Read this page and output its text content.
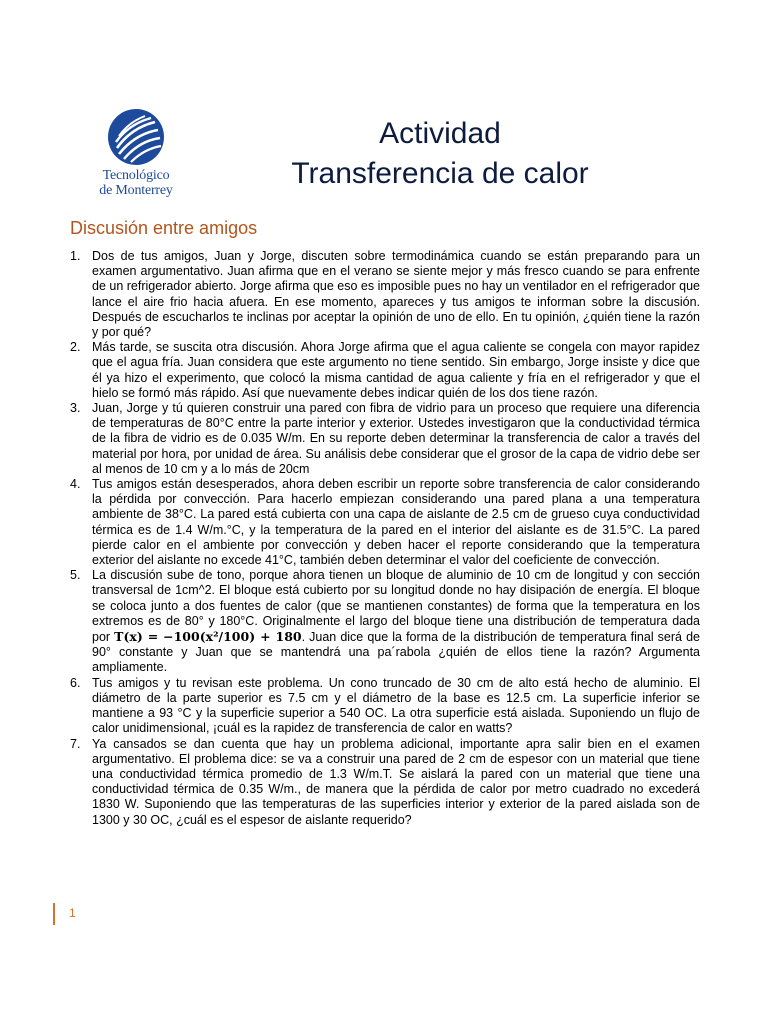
Tecnológico
de Monterrey
Actividad
Transferencia de calor
Discusión entre amigos
1. Dos de tus amigos, Juan y Jorge, discuten sobre termodinámica cuando se están preparando para un examen argumentativo. Juan afirma que en el verano se siente mejor y más fresco cuando se para enfrente de un refrigerador abierto. Jorge afirma que eso es imposible pues no hay un ventilador en el refrigerador que lance el aire frio hacia afuera. En ese momento, apareces y tus amigos te informan sobre la discusión. Después de escucharlos te inclinas por aceptar la opinión de uno de ello. En tu opinión, ¿quién tiene la razón y por qué?
2. Más tarde, se suscita otra discusión. Ahora Jorge afirma que el agua caliente se congela con mayor rapidez que el agua fría. Juan considera que este argumento no tiene sentido. Sin embargo, Jorge insiste y dice que él ya hizo el experimento, que colocó la misma cantidad de agua caliente y fría en el refrigerador y que el hielo se formó más rápido. Así que nuevamente debes indicar quién de los dos tiene razón.
3. Juan, Jorge y tú quieren construir una pared con fibra de vidrio para un proceso que requiere una diferencia de temperaturas de 80°C entre la parte interior y exterior. Ustedes investigaron que la conductividad térmica de la fibra de vidrio es de 0.035 W/m. En su reporte deben determinar la transferencia de calor a través del material por hora, por unidad de área. Su análisis debe considerar que el grosor de la capa de vidrio debe ser al menos de 10 cm y a lo más de 20cm
4. Tus amigos están desesperados, ahora deben escribir un reporte sobre transferencia de calor considerando la pérdida por convección. Para hacerlo empiezan considerando una pared plana a una temperatura ambiente de 38°C. La pared está cubierta con una capa de aislante de 2.5 cm de grueso cuya conductividad térmica es de 1.4 W/m.°C, y la temperatura de la pared en el interior del aislante es de 31.5°C. La pared pierde calor en el ambiente por convección y deben hacer el reporte considerando que la temperatura exterior del aislante no excede 41°C, también deben determinar el valor del coeficiente de convección.
5. La discusión sube de tono, porque ahora tienen un bloque de aluminio de 10 cm de longitud y con sección transversal de 1cm^2. El bloque está cubierto por su longitud donde no hay disipación de energía. El bloque se coloca junto a dos fuentes de calor (que se mantienen constantes) de forma que la temperatura en los extremos es de 80° y 180°C. Originalmente el largo del bloque tiene una distribución de temperatura dada por T(x) = −100(x²/100) + 180. Juan dice que la forma de la distribución de temperatura final será de 90° constante y Juan que se mantendrá una pa´rabola ¿quién de ellos tiene la razón? Argumenta ampliamente.
6. Tus amigos y tu revisan este problema. Un cono truncado de 30 cm de alto está hecho de aluminio. El diámetro de la parte superior es 7.5 cm y el diámetro de la base es 12.5 cm. La superficie inferior se mantiene a 93 °C y la superficie superior a 540 OC. La otra superficie está aislada. Suponiendo un flujo de calor unidimensional, ¡cuál es la rapidez de transferencia de calor en watts?
7. Ya cansados se dan cuenta que hay un problema adicional, importante apra salir bien en el examen argumentativo. El problema dice: se va a construir una pared de 2 cm de espesor con un material que tiene una conductividad térmica promedio de 1.3 W/m.T. Se aislará la pared con un material que tiene una conductividad térmica de 0.35 W/m., de manera que la pérdida de calor por metro cuadrado no excederá 1830 W. Suponiendo que las temperaturas de las superficies interior y exterior de la pared aislada son de 1300 y 30 OC, ¿cuál es el espesor de aislante requerido?
1
